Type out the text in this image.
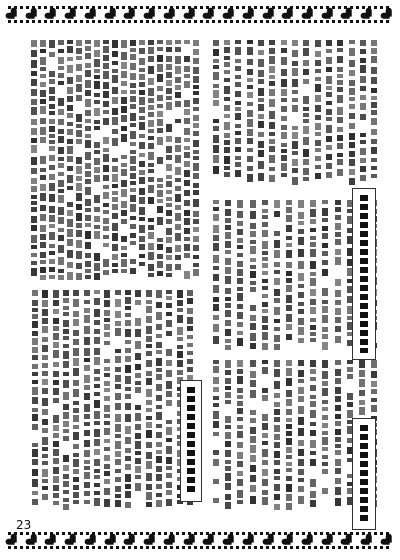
23
